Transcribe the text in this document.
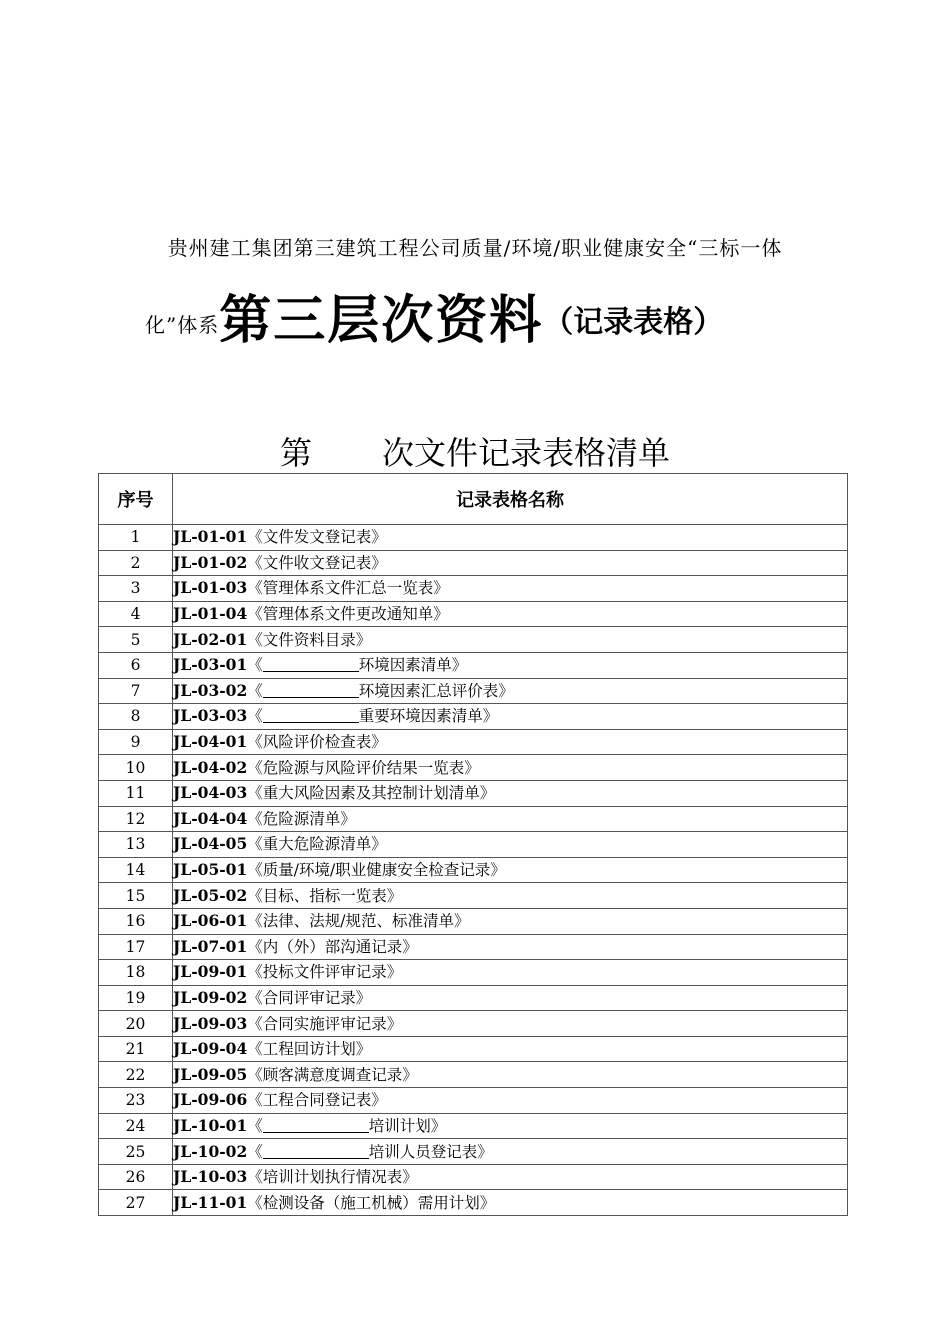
贵州建工集团第三建筑工程公司质量/环境/职业健康安全“三标一体
化”体系第三层次资料（记录表格）
第 次文件记录表格清单
序号	记录表格名称
1	JL-01-01《文件发文登记表》
2	JL-01-02《文件收文登记表》
3	JL-01-03《管理体系文件汇总一览表》
4	JL-01-04《管理体系文件更改通知单》
5	JL-02-01《文件资料目录》
6	JL-03-01《 环境因素清单》
7	JL-03-02《 环境因素汇总评价表》
8	JL-03-03《 重要环境因素清单》
9	JL-04-01《风险评价检查表》
10	JL-04-02《危险源与风险评价结果一览表》
11	JL-04-03《重大风险因素及其控制计划清单》
12	JL-04-04《危险源清单》
13	JL-04-05《重大危险源清单》
14	JL-05-01《质量/环境/职业健康安全检查记录》
15	JL-05-02《目标、指标一览表》
16	JL-06-01《法律、法规/规范、标准清单》
17	JL-07-01《内（外）部沟通记录》
18	JL-09-01《投标文件评审记录》
19	JL-09-02《合同评审记录》
20	JL-09-03《合同实施评审记录》
21	JL-09-04《工程回访计划》
22	JL-09-05《顾客满意度调查记录》
23	JL-09-06《工程合同登记表》
24	JL-10-01《 培训计划》
25	JL-10-02《 培训人员登记表》
26	JL-10-03《培训计划执行情况表》
27	JL-11-01《检测设备（施工机械）需用计划》
